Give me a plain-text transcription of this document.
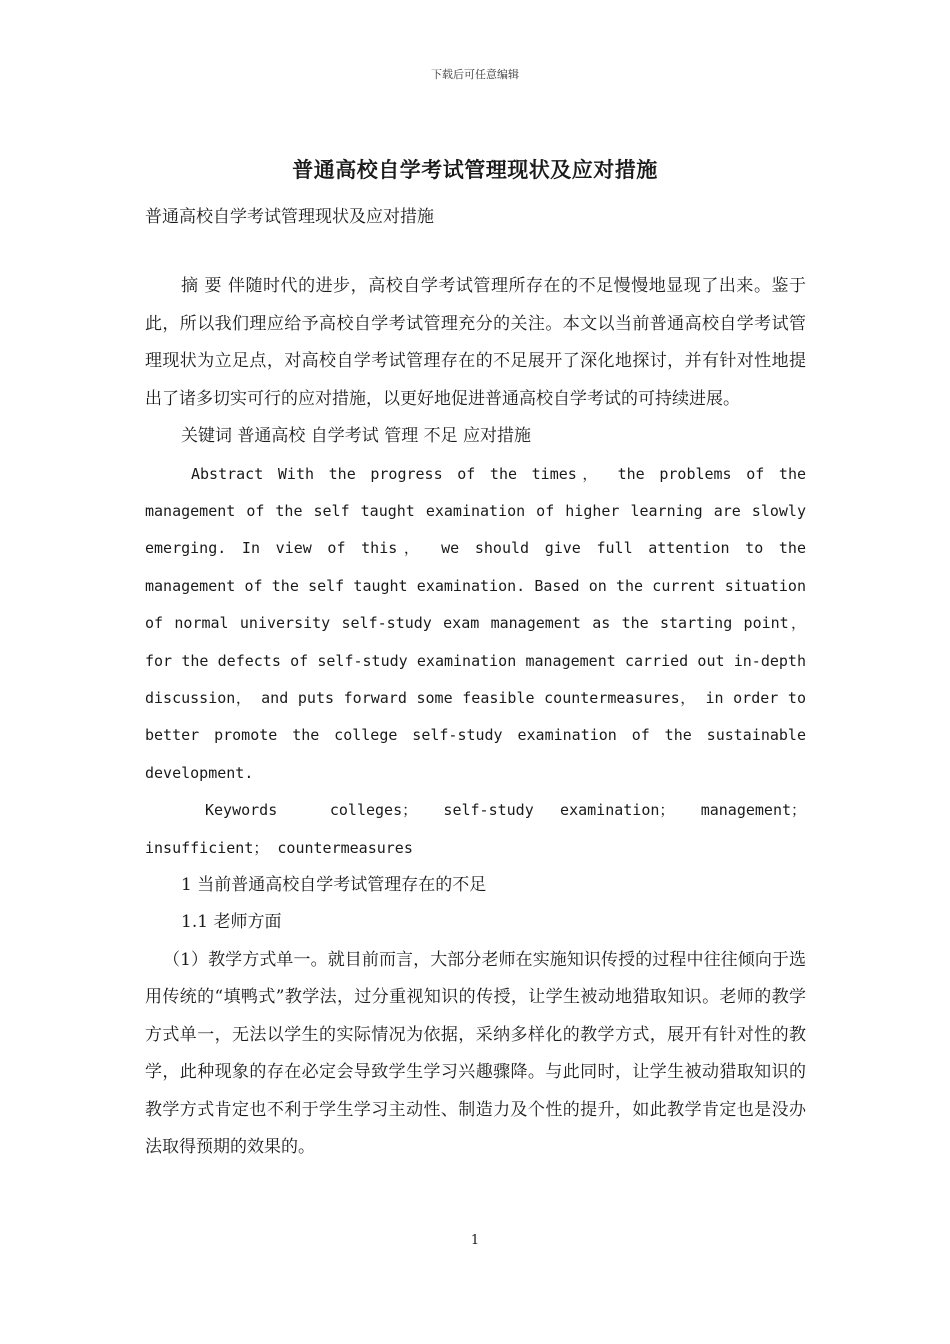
下载后可任意编辑
普通高校自学考试管理现状及应对措施
普通高校自学考试管理现状及应对措施

摘 要 伴随时代的进步，高校自学考试管理所存在的不足慢慢地显现了出来。鉴于此，所以我们理应给予高校自学考试管理充分的关注。本文以当前普通高校自学考试管理现状为立足点，对高校自学考试管理存在的不足展开了深化地探讨，并有针对性地提出了诸多切实可行的应对措施，以更好地促进普通高校自学考试的可持续进展。

关键词 普通高校 自学考试 管理 不足 应对措施

Abstract With the progress of the times， the problems of the management of the self taught examination of higher learning are slowly emerging. In view of this， we should give full attention to the management of the self taught examination. Based on the current situation of normal university self-study exam management as the starting point， for the defects of self-study examination management carried out in-depth discussion， and puts forward some feasible countermeasures， in order to better promote the college self-study examination of the sustainable development.

Keywords	colleges； self-study examination； management； insufficient； countermeasures

1 当前普通高校自学考试管理存在的不足

1.1 老师方面

（1）教学方式单一。就目前而言，大部分老师在实施知识传授的过程中往往倾向于选用传统的“填鸭式”教学法，过分重视知识的传授，让学生被动地猎取知识。老师的教学方式单一，无法以学生的实际情况为依据，采纳多样化的教学方式，展开有针对性的教学，此种现象的存在必定会导致学生学习兴趣骤降。与此同时，让学生被动猎取知识的教学方式肯定也不利于学生学习主动性、制造力及个性的提升，如此教学肯定也是没办法取得预期的效果的。

1
